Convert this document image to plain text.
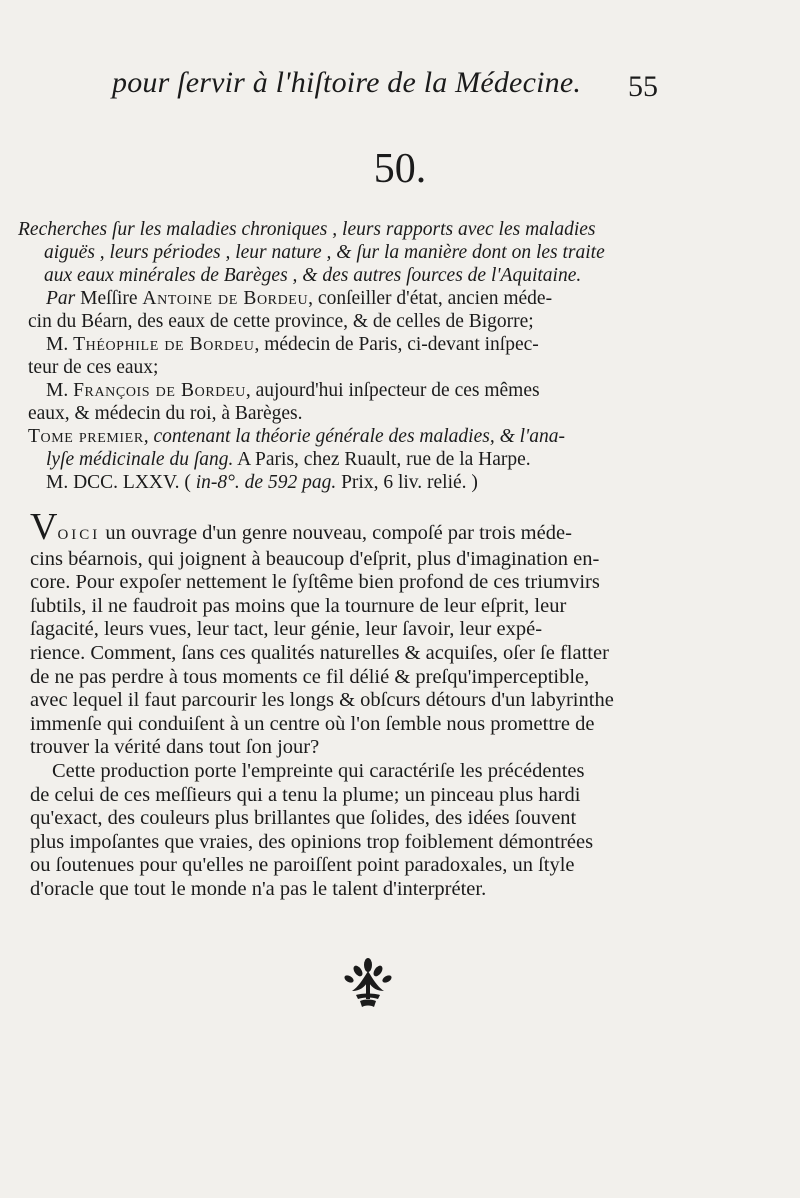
pour ſervir à l'hiſtoire de la Médecine. 55
50.
Recherches ſur les maladies chroniques , leurs rapports avec les maladies
aiguës , leurs périodes , leur nature , & ſur la manière dont on les traite
aux eaux minérales de Barèges , & des autres ſources de l'Aquitaine.
Par Meſſire Antoine de Bordeu, conſeiller d'état, ancien méde-
cin du Béarn, des eaux de cette province, & de celles de Bigorre;
M. Théophile de Bordeu, médecin de Paris, ci-devant inſpec-
teur de ces eaux;
M. François de Bordeu, aujourd'hui inſpecteur de ces mêmes
eaux, & médecin du roi, à Barèges.
Tome premier, contenant la théorie générale des maladies, & l'ana-
lyſe médicinale du ſang. A Paris, chez Ruault, rue de la Harpe.
M. DCC. LXXV. ( in-8°. de 592 pag. Prix, 6 liv. relié. )
VOICI un ouvrage d'un genre nouveau, compoſé par trois méde-
cins béarnois, qui joignent à beaucoup d'eſprit, plus d'imagination en-
core. Pour expoſer nettement le ſyſtême bien profond de ces triumvirs
ſubtils, il ne faudroit pas moins que la tournure de leur eſprit, leur
ſagacité, leurs vues, leur tact, leur génie, leur ſavoir, leur expé-
rience. Comment, ſans ces qualités naturelles & acquiſes, oſer ſe flatter
de ne pas perdre à tous moments ce fil délié & preſqu'imperceptible,
avec lequel il faut parcourir les longs & obſcurs détours d'un labyrinthe
immenſe qui conduiſent à un centre où l'on ſemble nous promettre de
trouver la vérité dans tout ſon jour?
Cette production porte l'empreinte qui caractériſe les précédentes
de celui de ces meſſieurs qui a tenu la plume; un pinceau plus hardi
qu'exact, des couleurs plus brillantes que ſolides, des idées ſouvent
plus impoſantes que vraies, des opinions trop foiblement démontrées
ou ſoutenues pour qu'elles ne paroiſſent point paradoxales, un ſtyle
d'oracle que tout le monde n'a pas le talent d'interpréter.
